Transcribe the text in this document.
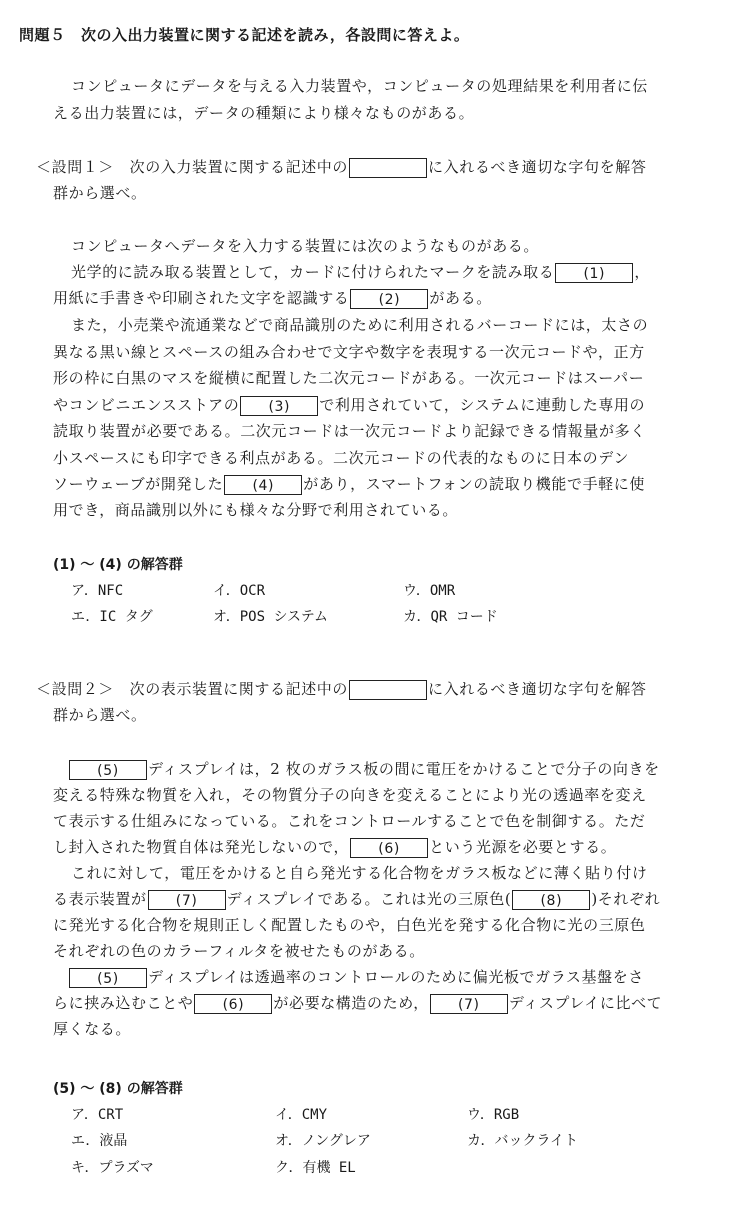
問題５　次の入出力装置に関する記述を読み，各設問に答えよ。
コンピュータにデータを与える入力装置や，コンピュータの処理結果を利用者に伝
える出力装置には，データの種類により様々なものがある。
＜設問１＞　次の入力装置に関する記述中の	に入れるべき適切な字句を解答
群から選べ。
コンピュータへデータを入力する装置には次のようなものがある。
光学的に読み取る装置として，カードに付けられたマークを読み取る (1) ，
用紙に手書きや印刷された文字を認識する (2) がある。
また，小売業や流通業などで商品識別のために利用されるバーコードには，太さの
異なる黒い線とスペースの組み合わせで文字や数字を表現する一次元コードや，正方
形の枠に白黒のマスを縦横に配置した二次元コードがある。一次元コードはスーパー
やコンビニエンスストアの (3) で利用されていて，システムに連動した専用の
読取り装置が必要である。二次元コードは一次元コードより記録できる情報量が多く
小スペースにも印字できる利点がある。二次元コードの代表的なものに日本のデン
ソーウェーブが開発した (4) があり，スマートフォンの読取り機能で手軽に使
用でき，商品識別以外にも様々な分野で利用されている。
(1) ～ (4) の解答群
ア．NFC	イ．OCR	ウ．OMR
エ．IC タグ	オ．POS システム	カ．QR コード
＜設問２＞　次の表示装置に関する記述中の	に入れるべき適切な字句を解答
群から選べ。
(5) ディスプレイは，2 枚のガラス板の間に電圧をかけることで分子の向きを
変える特殊な物質を入れ，その物質分子の向きを変えることにより光の透過率を変え
て表示する仕組みになっている。これをコントロールすることで色を制御する。ただ
し封入された物質自体は発光しないので， (6) という光源を必要とする。
これに対して，電圧をかけると自ら発光する化合物をガラス板などに薄く貼り付け
る表示装置が (7) ディスプレイである。これは光の三原色( (8) )それぞれ
に発光する化合物を規則正しく配置したものや，白色光を発する化合物に光の三原色
それぞれの色のカラーフィルタを被せたものがある。
(5) ディスプレイは透過率のコントロールのために偏光板でガラス基盤をさ
らに挟み込むことや (6) が必要な構造のため， (7) ディスプレイに比べて
厚くなる。
(5) ～ (8) の解答群
ア．CRT	イ．CMY	ウ．RGB
エ．液晶	オ．ノングレア	カ．バックライト
キ．プラズマ	ク．有機 EL
